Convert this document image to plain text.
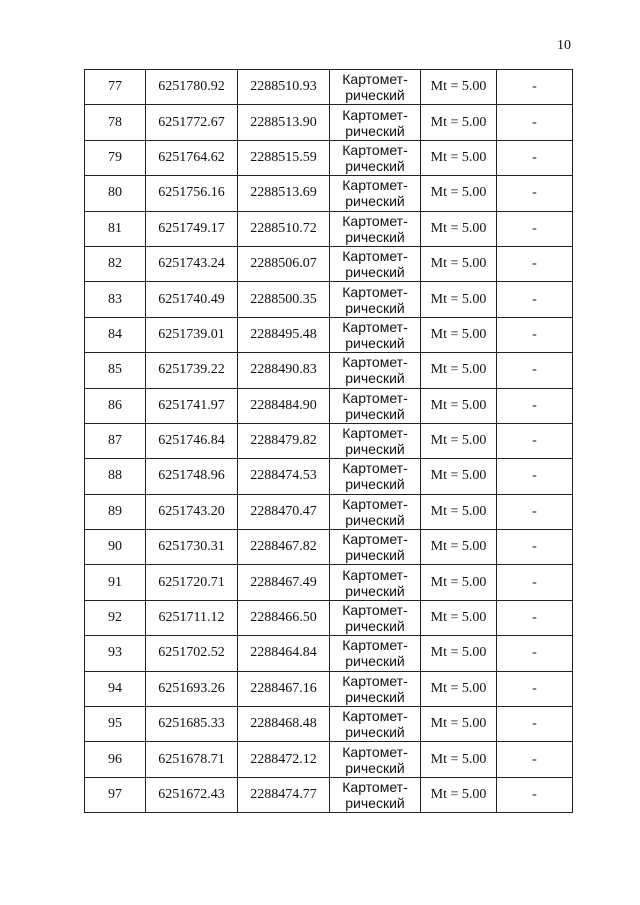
10
77	6251780.92	2288510.93	Картомет-
рический	Mt = 5.00	-
78	6251772.67	2288513.90	Картомет-
рический	Mt = 5.00	-
79	6251764.62	2288515.59	Картомет-
рический	Mt = 5.00	-
80	6251756.16	2288513.69	Картомет-
рический	Mt = 5.00	-
81	6251749.17	2288510.72	Картомет-
рический	Mt = 5.00	-
82	6251743.24	2288506.07	Картомет-
рический	Mt = 5.00	-
83	6251740.49	2288500.35	Картомет-
рический	Mt = 5.00	-
84	6251739.01	2288495.48	Картомет-
рический	Mt = 5.00	-
85	6251739.22	2288490.83	Картомет-
рический	Mt = 5.00	-
86	6251741.97	2288484.90	Картомет-
рический	Mt = 5.00	-
87	6251746.84	2288479.82	Картомет-
рический	Mt = 5.00	-
88	6251748.96	2288474.53	Картомет-
рический	Mt = 5.00	-
89	6251743.20	2288470.47	Картомет-
рический	Mt = 5.00	-
90	6251730.31	2288467.82	Картомет-
рический	Mt = 5.00	-
91	6251720.71	2288467.49	Картомет-
рический	Mt = 5.00	-
92	6251711.12	2288466.50	Картомет-
рический	Mt = 5.00	-
93	6251702.52	2288464.84	Картомет-
рический	Mt = 5.00	-
94	6251693.26	2288467.16	Картомет-
рический	Mt = 5.00	-
95	6251685.33	2288468.48	Картомет-
рический	Mt = 5.00	-
96	6251678.71	2288472.12	Картомет-
рический	Mt = 5.00	-
97	6251672.43	2288474.77	Картомет-
рический	Mt = 5.00	-
